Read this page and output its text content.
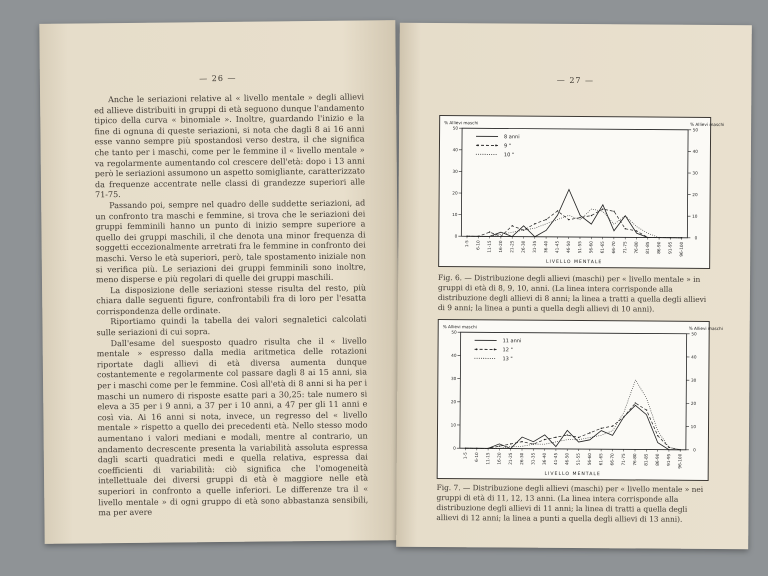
— 26 —

Anche le seriazioni relative al « livello mentale » degli allievi ed allieve distribuiti in gruppi di età seguono dunque l'andamento tipico della curva « binomiale ». Inoltre, guardando l'inizio e la fine di ognuna di queste seriazioni, si nota che dagli 8 ai 16 anni esse vanno sempre più spostandosi verso destra, il che significa che tanto per i maschi, come per le femmine il « livello mentale » va regolarmente aumentando col crescere dell'età: dopo i 13 anni però le seriazioni assumono un aspetto somigliante, caratterizzato da frequenze accentrate nelle classi di grandezze superiori alle 71-75.

Passando poi, sempre nel quadro delle suddette seriazioni, ad un confronto tra maschi e femmine, si trova che le seriazioni dei gruppi femminili hanno un punto di inizio sempre superiore a quello dei gruppi maschili, il che denota una minor frequenza di soggetti eccezionalmente arretrati fra le femmine in confronto dei maschi. Verso le età superiori, però, tale spostamento iniziale non si verifica più. Le seriazioni dei gruppi femminili sono inoltre, meno disperse e più regolari di quelle dei gruppi maschili.

La disposizione delle seriazioni stesse risulta del resto, più chiara dalle seguenti figure, confrontabili fra di loro per l'esatta corrispondenza delle ordinate.

Riportiamo quindi la tabella dei valori segnaletici calcolati sulle seriazioni di cui sopra.

Dall'esame del suesposto quadro risulta che il « livello mentale » espresso dalla media aritmetica delle rotazioni riportate dagli allievi di età diversa aumenta dunque costantemente e regolarmente col passare dagli 8 ai 15 anni, sia per i maschi come per le femmine. Così all'età di 8 anni si ha per i maschi un numero di risposte esatte pari a 30,25: tale numero si eleva a 35 per i 9 anni, a 37 per i 10 anni, a 47 per gli 11 anni e così via. Ai 16 anni si nota, invece, un regresso del « livello mentale » rispetto a quello dei precedenti età. Nello stesso modo aumentano i valori mediani e modali, mentre al contrario, un andamento decrescente presenta la variabilità assoluta espressa dagli scarti quadratici medi e quella relativa, espressa dai coefficienti di variabilità: ciò significa che l'omogeneità intellettuale dei diversi gruppi di età è maggiore nelle età superiori in confronto a quelle inferiori. Le differenze tra il « livello mentale » di ogni gruppo di età sono abbastanza sensibili, ma per avere

— 27 —
% Allievi maschi	% Allievi maschi
0	0
10	10
20	20
30	30
40	40
50	50
1-5 6-10 11-15 16-20 21-25 26-30 31-35 36-40 41-45 46-50 51-55 56-60 61-65 66-70 71-75 76-80 81-85 86-90 91-95 96-100
LIVELLO MENTALE
8 anni
9 "
10 "
Fig. 6. — Distribuzione degli allievi (maschi) per « livello mentale » in gruppi di età di 8, 9, 10, anni. (La linea intera corrisponde alla distribuzione degli allievi di 8 anni; la linea a tratti a quella degli allievi di 9 anni; la linea a punti a quella degli allievi di 10 anni).
% Allievi maschi	% Allievi maschi
0	0
10	10
20	20
30	30
40	40
50	50
1-5 6-10 11-15 16-20 21-25 26-30 31-35 36-40 41-45 46-50 51-55 56-60 61-65 66-70 71-75 76-80 81-85 86-90 91-95 96-100
LIVELLO MENTALE
11 anni
12 "
13 "
Fig. 7. — Distribuzione degli allievi (maschi) per « livello mentale » nei gruppi di età di 11, 12, 13 anni. (La linea intera corrisponde alla distribuzione degli allievi di 11 anni; la linea di tratti a quella degli allievi di 12 anni; la linea a punti a quella degli allievi di 13 anni).
